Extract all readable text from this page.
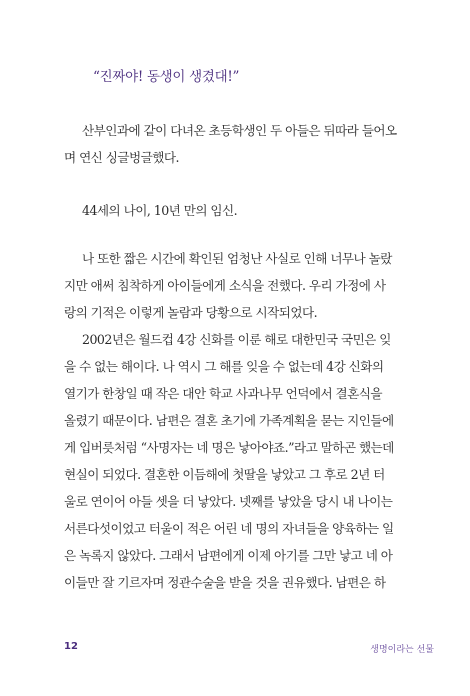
“진짜야! 동생이 생겼대!”
산부인과에 같이 다녀온 초등학생인 두 아들은 뒤따라 들어오
며 연신 싱글벙글했다.
44세의 나이, 10년 만의 임신.
나 또한 짧은 시간에 확인된 엄청난 사실로 인해 너무나 놀랐
지만 애써 침착하게 아이들에게 소식을 전했다. 우리 가정에 사
랑의 기적은 이렇게 놀람과 당황으로 시작되었다.
2002년은 월드컵 4강 신화를 이룬 해로 대한민국 국민은 잊
을 수 없는 해이다. 나 역시 그 해를 잊을 수 없는데 4강 신화의
열기가 한창일 때 작은 대안 학교 사과나무 언덕에서 결혼식을
올렸기 때문이다. 남편은 결혼 초기에 가족계획을 묻는 지인들에
게 입버릇처럼 “사명자는 네 명은 낳아야죠.”라고 말하곤 했는데
현실이 되었다. 결혼한 이듬해에 첫딸을 낳았고 그 후로 2년 터
울로 연이어 아들 셋을 더 낳았다. 넷째를 낳았을 당시 내 나이는
서른다섯이었고 터울이 적은 어린 네 명의 자녀들을 양육하는 일
은 녹록지 않았다. 그래서 남편에게 이제 아기를 그만 낳고 네 아
이들만 잘 기르자며 정관수술을 받을 것을 권유했다. 남편은 하
12	생명이라는 선물
